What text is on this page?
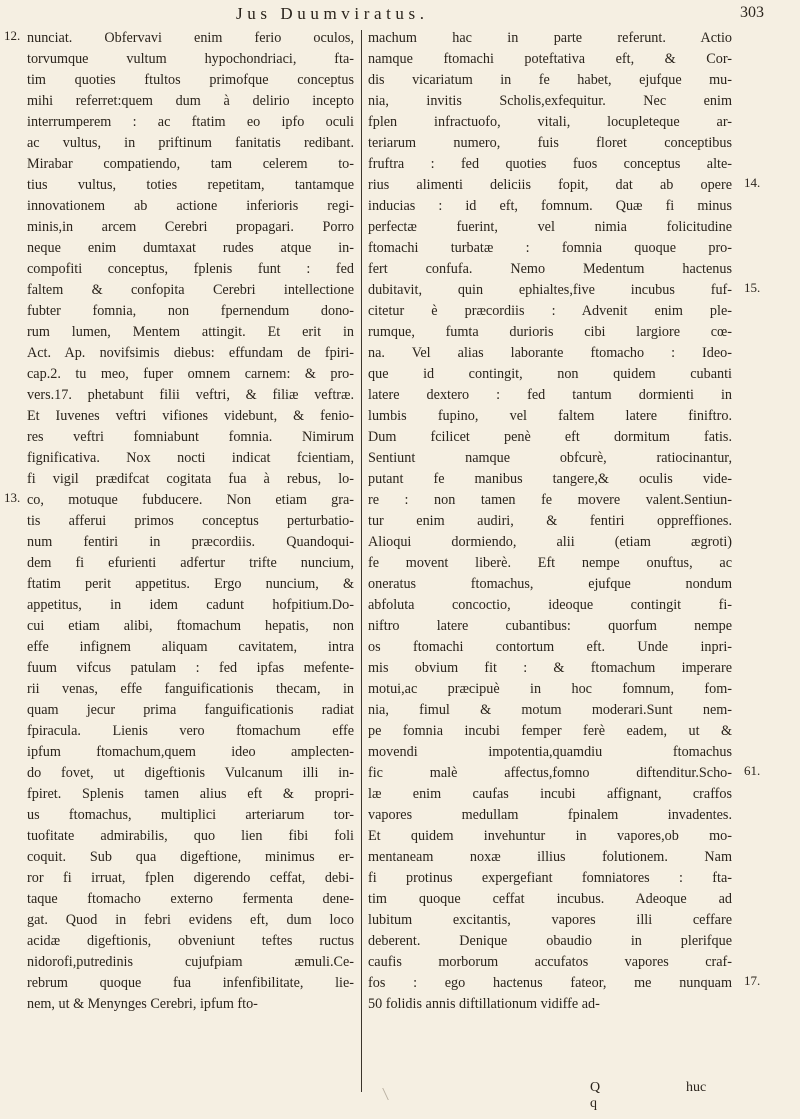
Jus Duumviratus.	303
nunciat. Obfervavi enim ferio oculos,
torvumque vultum hypochondriaci, fta-
tim quoties ftultos primofque conceptus
mihi referret:quem dum à delirio incepto
interrumperem : ac ftatim eo ipfo oculi
ac vultus, in priftinum fanitatis redibant.
Mirabar compatiendo, tam celerem to-
tius vultus, toties repetitam, tantamque
innovationem ab actione inferioris regi-
minis,in arcem Cerebri propagari. Porro
neque enim dumtaxat rudes atque in-
compofiti conceptus, fplenis funt : fed
faltem & confopita Cerebri intellectione
fubter fomnia, non fpernendum dono-
rum lumen, Mentem attingit. Et erit in
Act. Ap. novifsimis diebus: effundam de fpiri-
cap.2. tu meo, fuper omnem carnem: & pro-
vers.17. phetabunt filii veftri, & filiæ veftræ.
Et Iuvenes veftri vifiones videbunt, & fenio-
res veftri fomniabunt fomnia. Nimirum
fignificativa. Nox nocti indicat fcientiam,
fi vigil prædifcat cogitata fua à rebus, lo-
co, motuque fubducere. Non etiam gra-
tis afferui primos conceptus perturbatio-
num fentiri in præcordiis. Quandoqui-
dem fi efurienti adfertur trifte nuncium,
ftatim perit appetitus. Ergo nuncium, &
appetitus, in idem cadunt hofpitium.Do-
cui etiam alibi, ftomachum hepatis, non
effe infignem aliquam cavitatem, intra
fuum vifcus patulam : fed ipfas mefente-
rii venas, effe fanguificationis thecam, in
quam jecur prima fanguificationis radiat
fpiracula. Lienis vero ftomachum effe
ipfum ftomachum,quem ideo amplecten-
do fovet, ut digeftionis Vulcanum illi in-
fpiret. Splenis tamen alius eft & propri-
us ftomachus, multiplici arteriarum tor-
tuofitate admirabilis, quo lien fibi foli
coquit. Sub qua digeftione, minimus er-
ror fi irruat, fplen digerendo ceffat, debi-
taque ftomacho externo fermenta dene-
gat. Quod in febri evidens eft, dum loco
acidæ digeftionis, obveniunt teftes ructus
nidorofi,putredinis cujufpiam æmuli.Ce-
rebrum quoque fua infenfibilitate, lie-
nem, ut & Menynges Cerebri, ipfum fto-
machum hac in parte referunt. Actio
namque ftomachi poteftativa eft, & Cor-
dis vicariatum in fe habet, ejufque mu-
nia, invitis Scholis,exfequitur. Nec enim
fplen infractuofo, vitali, locupleteque ar-
teriarum numero, fuis floret conceptibus
fruftra : fed quoties fuos conceptus alte-
rius alimenti deliciis fopit, dat ab opere
inducias : id eft, fomnum. Quæ fi minus
perfectæ fuerint, vel nimia folicitudine
ftomachi turbatæ : fomnia quoque pro-
fert confufa. Nemo Medentum hactenus
dubitavit, quin ephialtes,five incubus fuf-
citetur è præcordiis : Advenit enim ple-
rumque, fumta durioris cibi largiore cœ-
na. Vel alias laborante ftomacho : Ideo-
que id contingit, non quidem cubanti
latere dextero : fed tantum dormienti in
lumbis fupino, vel faltem latere finiftro.
Dum fcilicet penè eft dormitum fatis.
Sentiunt namque obfcurè, ratiocinantur,
putant fe manibus tangere,& oculis vide-
re : non tamen fe movere valent.Sentiun-
tur enim audiri, & fentiri oppreffiones.
Alioqui dormiendo, alii (etiam ægroti)
fe movent liberè. Eft nempe onuftus, ac
oneratus ftomachus, ejufque nondum
abfoluta concoctio, ideoque contingit fi-
niftro latere cubantibus: quorfum nempe
os ftomachi contortum eft. Unde inpri-
mis obvium fit : & ftomachum imperare
motui,ac præcipuè in hoc fomnum, fom-
nia, fimul & motum moderari.Sunt nem-
pe fomnia incubi femper ferè eadem, ut &
movendi impotentia,quamdiu ftomachus
fic malè affectus,fomno diftenditur.Scho-
læ enim caufas incubi affignant, craffos
vapores medullam fpinalem invadentes.
Et quidem invehuntur in vapores,ob mo-
mentaneam noxæ illius folutionem. Nam
fi protinus expergefiant fomniatores : fta-
tim quoque ceffat incubus. Adeoque ad
lubitum excitantis, vapores illi ceffare
deberent. Denique obaudio in plerifque
caufis morborum accufatos vapores craf-
fos : ego hactenus fateor, me nunquam
50 folidis annis diftillationum vidiffe ad-
12.
13.
14.
15.
61.
17.
Q q
huc
